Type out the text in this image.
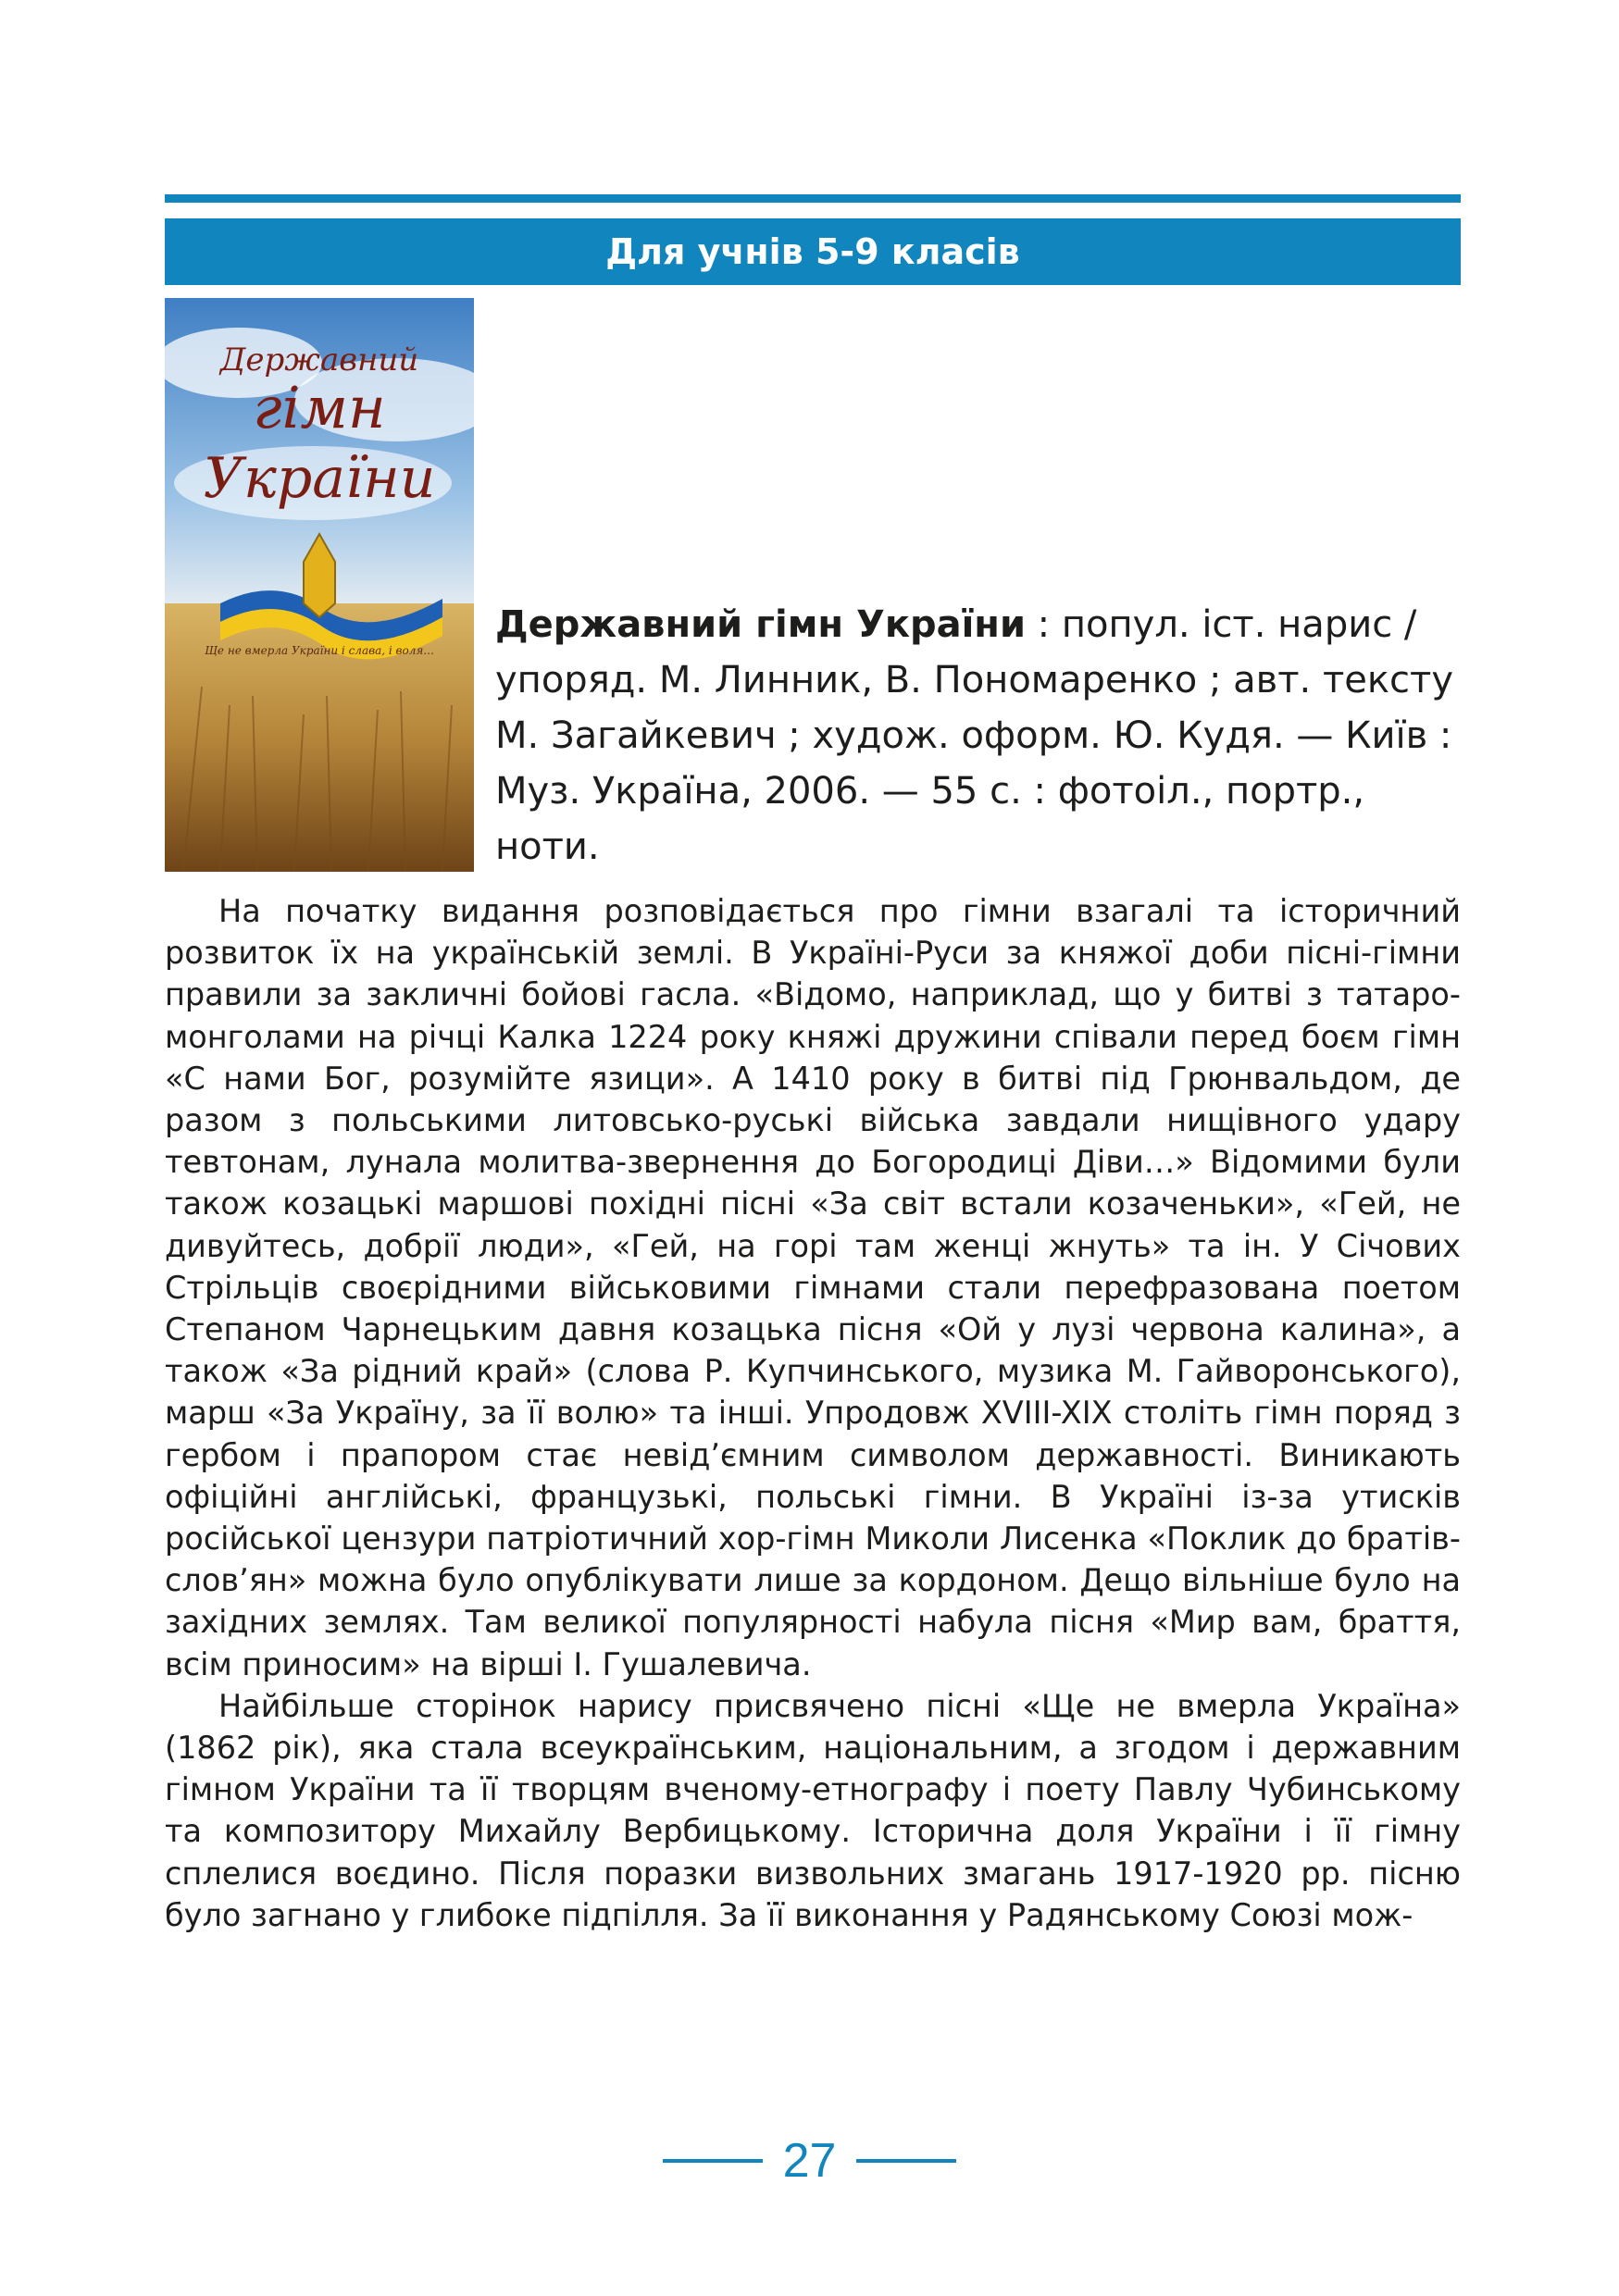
Для учнів 5-9 класів
Державний
гімн
України
Ще не вмерла України і слава, і воля...

Державний гімн України : попул. іст. нарис / упоряд. М. Линник, В. Пономаренко ; авт. тексту М. Загайкевич ; худож. оформ. Ю. Кудя. — Київ : Муз. Україна, 2006. — 55 с. : фотоіл., портр., ноти.

На початку видання розповідається про гімни взагалі та історичний розвиток їх на українській землі. В Україні-Руси за княжої доби пісні-гімни правили за закличні бойові гасла. «Відомо, наприклад, що у битві з татаро-монголами на річці Калка 1224 року княжі дружини співали перед боєм гімн «С нами Бог, розумійте язици». А 1410 року в битві під Грюнвальдом, де разом з польськими литовсько-руські війська завдали нищівного удару тевтонам, лунала молитва-звернення до Богородиці Діви…» Відомими були також козацькі маршові похідні пісні «За світ встали козаченьки», «Гей, не дивуйтесь, добрії люди», «Гей, на горі там женці жнуть» та ін. У Січових Стрільців своєрідними військовими гімнами стали перефразована поетом Степаном Чарнецьким давня козацька пісня «Ой у лузі червона калина», а також «За рідний край» (слова Р. Купчинського, музика М. Гайворонського), марш «За Україну, за її волю» та інші. Упродовж XVIII-XIX століть гімн поряд з гербом і прапором стає невід’ємним символом державності. Виникають офіційні англійські, французькі, польські гімни. В Україні із-за утисків російської цензури патріотичний хор-гімн Миколи Лисенка «Поклик до братів-слов’ян» можна було опублікувати лише за кордоном. Дещо вільніше було на західних землях. Там великої популярності набула пісня «Мир вам, браття, всім приносим» на вірші І. Гушалевича.

Найбільше сторінок нарису присвячено пісні «Ще не вмерла Україна» (1862 рік), яка стала всеукраїнським, національним, а згодом і державним гімном України та її творцям вченому-етнографу і поету Павлу Чубинському та композитору Михайлу Вербицькому. Історична доля України і її гімну сплелися воєдино. Після поразки визвольних змагань 1917-1920 рр. пісню було загнано у глибоке підпілля. За її виконання у Радянському Союзі мож-

27
